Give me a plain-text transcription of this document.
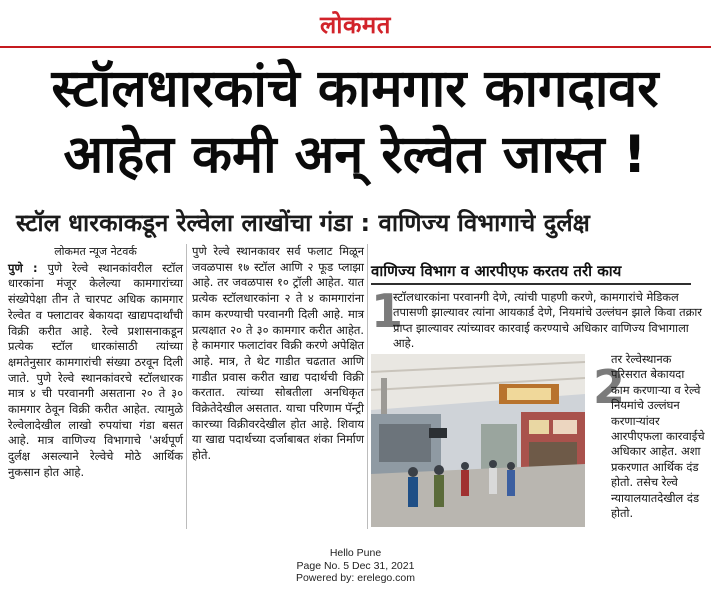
लोकमत
स्टॉलधारकांचे कामगार कागदावर
आहेत कमी अन् रेल्वेत जास्त !
स्टॉल धारकाकडून रेल्वेला लाखोंचा गंडा : वाणिज्य विभागाचे दुर्लक्ष

लोकमत न्यूज नेटवर्क

पुणे : पुणे रेल्वे स्थानकांवरील स्टॉल धारकांना मंजूर केलेल्या कामगारांच्या संख्येपेक्षा तीन ते चारपट अधिक कामगार रेल्वेत व फ्लाटावर बेकायदा खाद्यपदार्थांची विक्री करीत आहे. रेल्वे प्रशासनाकडून प्रत्येक स्टॉल धारकांसाठी त्यांच्या क्षमतेनुसार कामगारांची संख्या ठरवून दिली जाते. पुणे रेल्वे स्थानकांवरचे स्टॉलधारक मात्र ४ ची परवानगी असताना २० ते ३० कामगार ठेवून विक्री करीत आहेत. त्यामुळे रेल्वेलादेखील लाखो रुपयांचा गंडा बसत आहे. मात्र वाणिज्य विभागाचे 'अर्थपूर्ण दुर्लक्ष असल्याने रेल्वेचे मोठे आर्थिक नुकसान होत आहे.

पुणे रेल्वे स्थानकावर सर्व फलाट मिळून जवळपास १७ स्टॉल आणि २ फूड प्लाझा आहे. तर जवळपास १० ट्रॉली आहेत. यात प्रत्येक स्टॉलधारकांना २ ते ४ कामगारांना काम करण्याची परवानगी दिली आहे. मात्र प्रत्यक्षात २० ते ३० कामगार करीत आहेत. हे कामगार फलाटांवर विक्री करणे अपेक्षित आहे. मात्र, ते थेट गाडीत चढतात आणि गाडीत प्रवास करीत खाद्य पदार्थची विक्री करतात. त्यांच्या सोबतीला अनधिकृत विक्रेतेदेखील असतात. याचा परिणाम पॅन्ट्री कारच्या विक्रीवरदेखील होत आहे. शिवाय या खाद्य पदार्थच्या दर्जाबाबत शंका निर्माण होते.

वाणिज्य विभाग व आरपीएफ करतय तरी काय
1
स्टॉलधारकांना परवानगी देणे, त्यांची पाहणी करणे, कामगारांचे मेडिकल तपासणी झाल्यावर त्यांना आयकार्ड देणे, नियमांचे उल्लंघन झाले किवा तक्रार प्राप्त झाल्यावर त्यांच्यावर कारवाई करण्याचे अधिकार वाणिज्य विभागाला आहे.
2
तर रेल्वेस्थानक परिसरात बेकायदा काम करणाऱ्या व रेल्वे नियमांचे उल्लंघन करणाऱ्यांवर आरपीएफला कारवाईचे अधिकार आहेत. अशा प्रकरणात आर्थिक दंड होतो. तसेच रेल्वे न्यायालयातदेखील दंड होतो.
Hello Pune
Page No. 5 Dec 31, 2021
Powered by: erelego.com
